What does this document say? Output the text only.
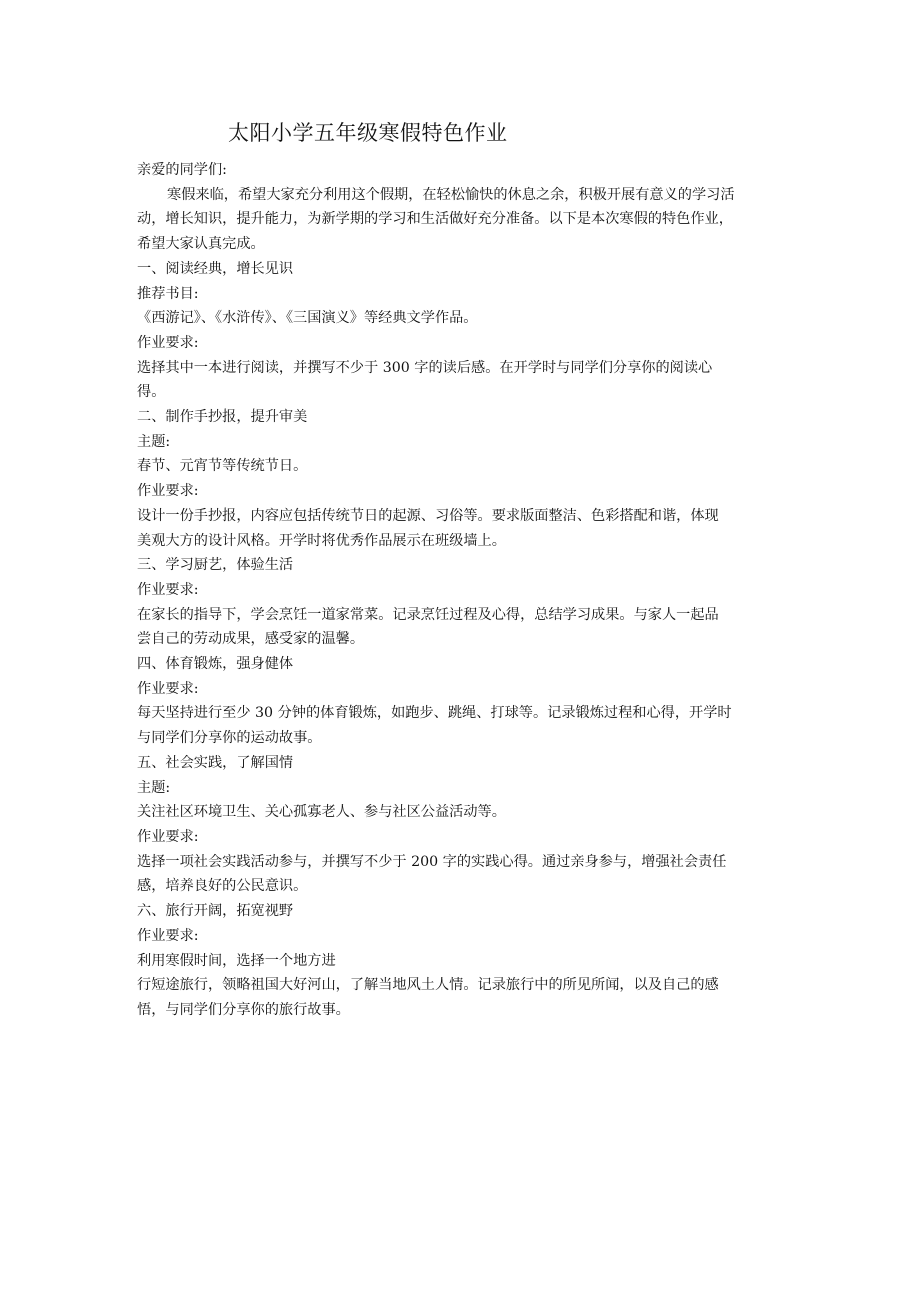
太阳小学五年级寒假特色作业

亲爱的同学们:

寒假来临，希望大家充分利用这个假期，在轻松愉快的休息之余，积极开展有意义的学习活

动，增长知识，提升能力，为新学期的学习和生活做好充分准备。以下是本次寒假的特色作业，

希望大家认真完成。

一、阅读经典，增长见识

推荐书目:

《西游记》、《水浒传》、《三国演义》等经典文学作品。

作业要求:

选择其中一本进行阅读，并撰写不少于 300 字的读后感。在开学时与同学们分享你的阅读心

得。

二、制作手抄报，提升审美

主题:

春节、元宵节等传统节日。

作业要求:

设计一份手抄报，内容应包括传统节日的起源、习俗等。要求版面整洁、色彩搭配和谐，体现

美观大方的设计风格。开学时将优秀作品展示在班级墙上。

三、学习厨艺，体验生活

作业要求:

在家长的指导下，学会烹饪一道家常菜。记录烹饪过程及心得，总结学习成果。与家人一起品

尝自己的劳动成果，感受家的温馨。

四、体育锻炼，强身健体

作业要求:

每天坚持进行至少 30 分钟的体育锻炼，如跑步、跳绳、打球等。记录锻炼过程和心得，开学时

与同学们分享你的运动故事。

五、社会实践，了解国情

主题:

关注社区环境卫生、关心孤寡老人、参与社区公益活动等。

作业要求:

选择一项社会实践活动参与，并撰写不少于 200 字的实践心得。通过亲身参与，增强社会责任

感，培养良好的公民意识。

六、旅行开阔，拓宽视野

作业要求:

利用寒假时间，选择一个地方进

行短途旅行，领略祖国大好河山，了解当地风土人情。记录旅行中的所见所闻，以及自己的感

悟，与同学们分享你的旅行故事。
